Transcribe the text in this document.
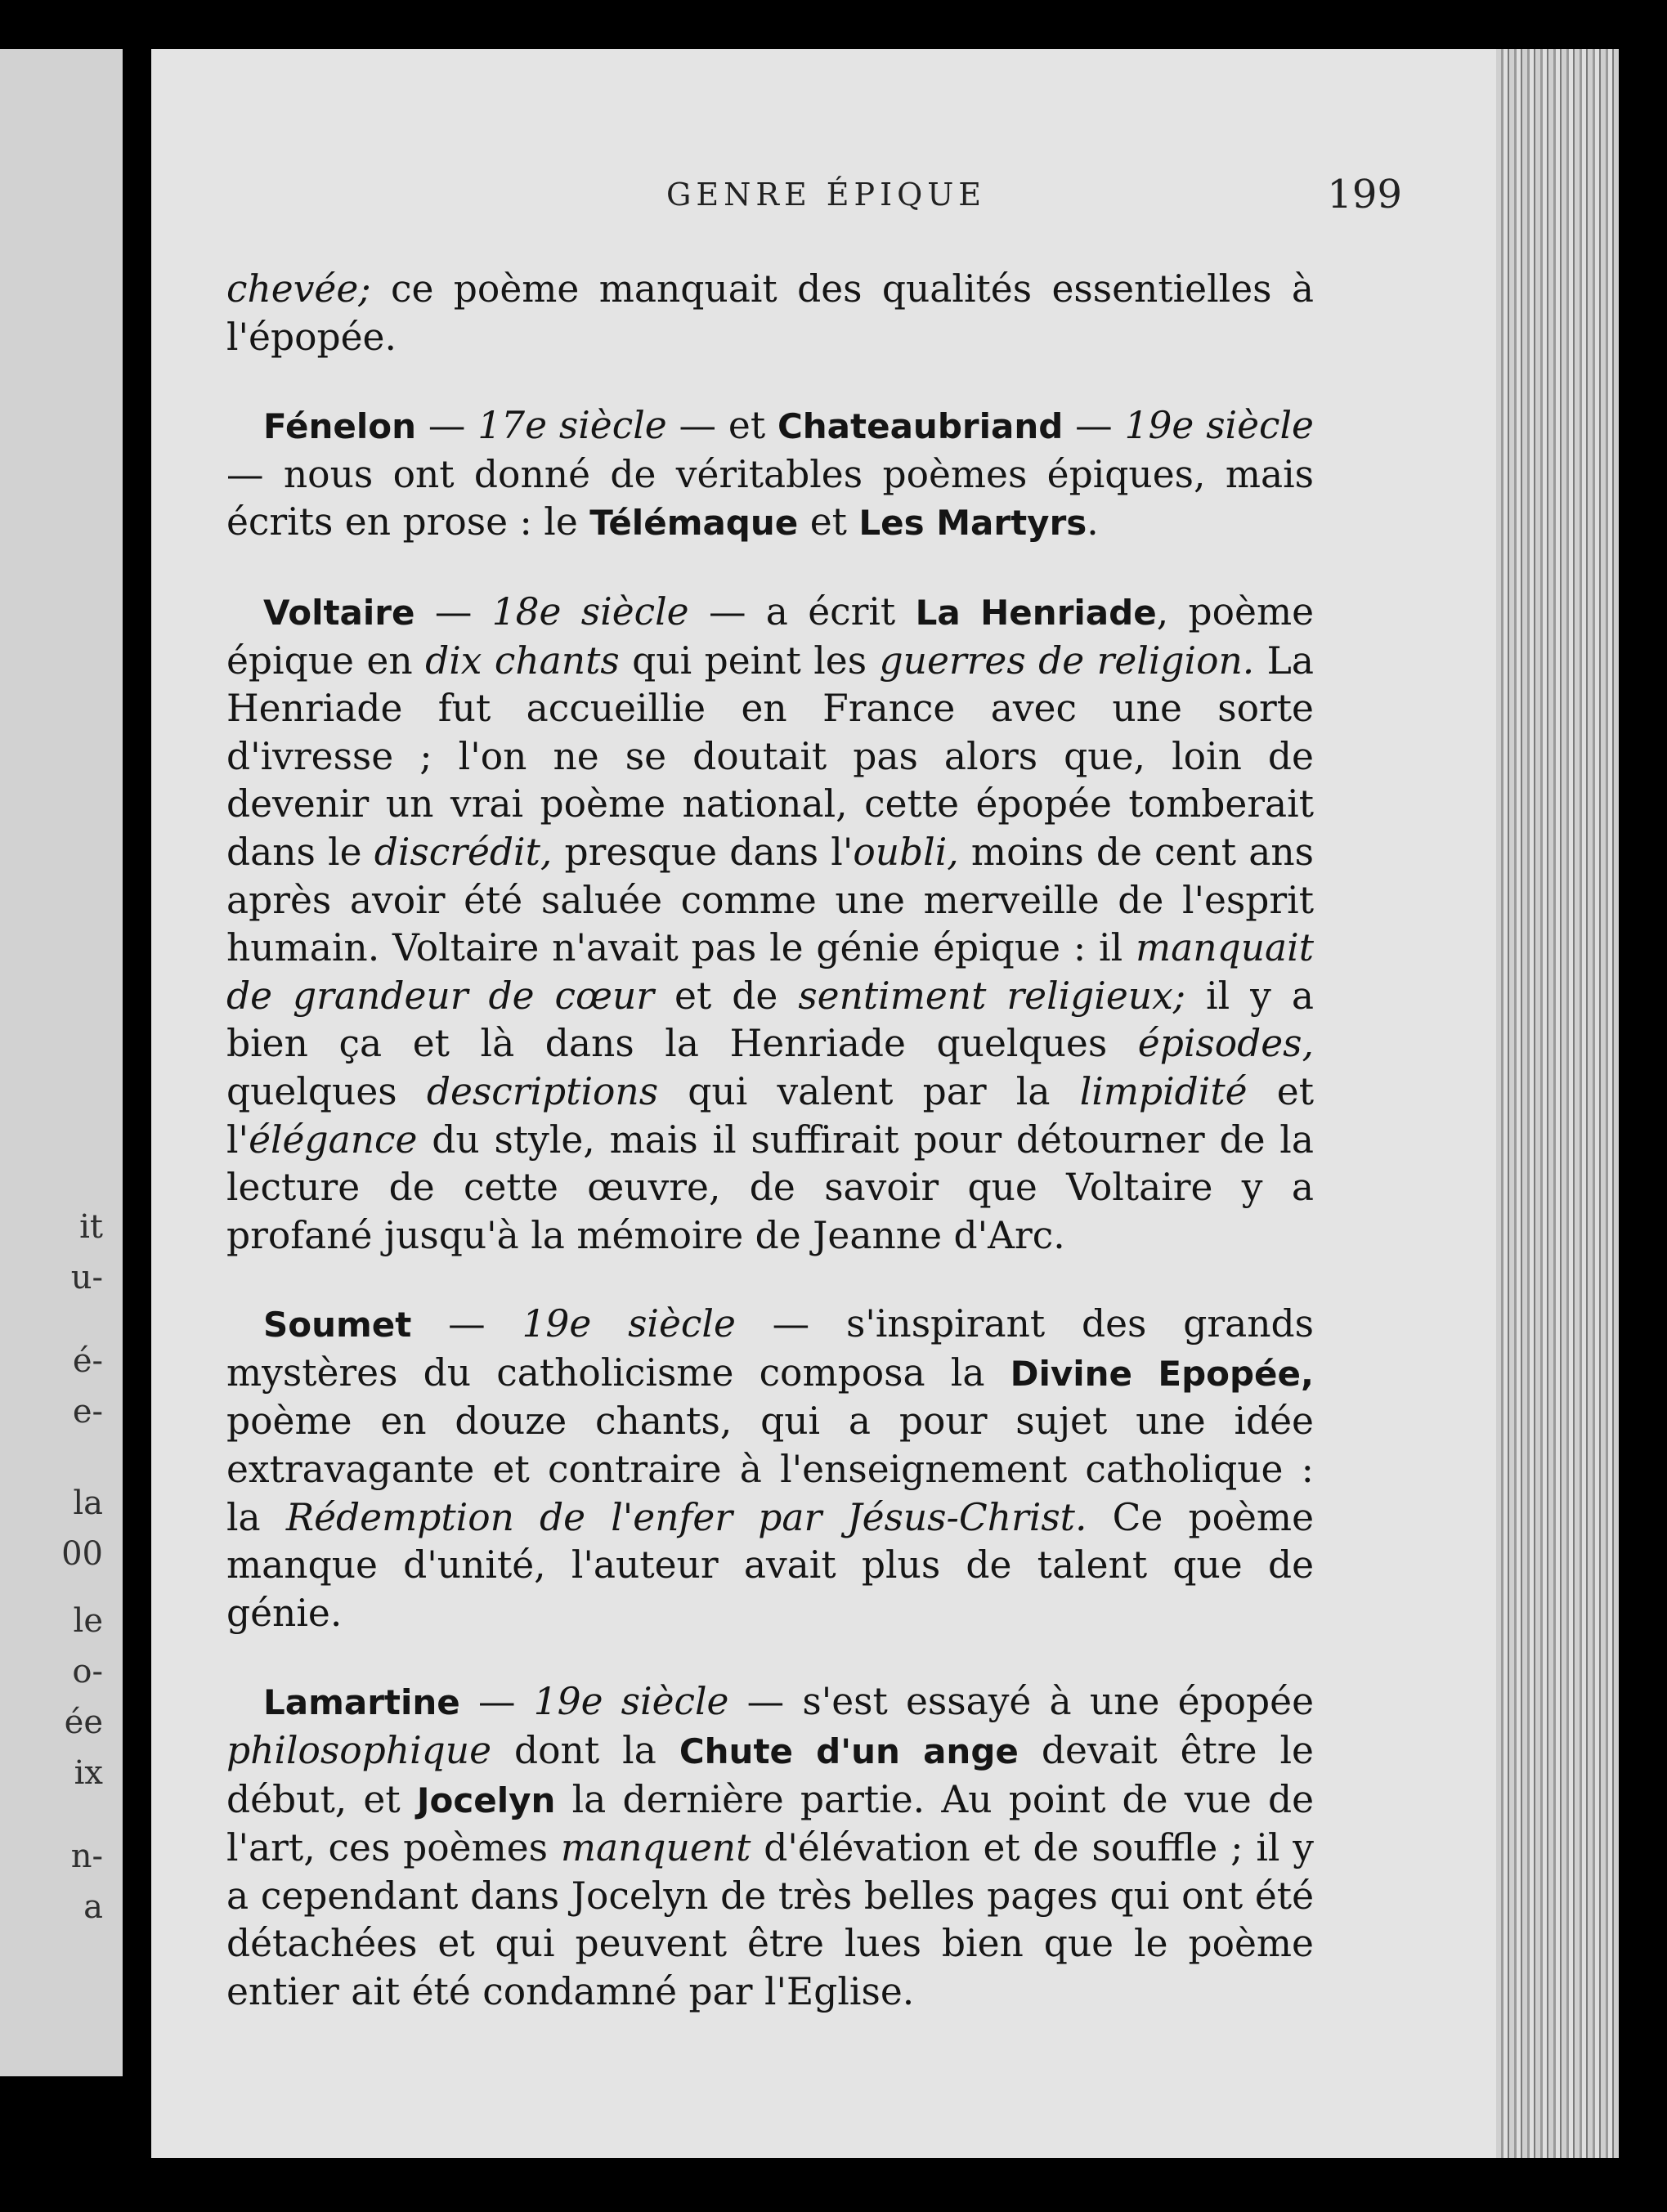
it
u-
é-
e-
la
00
le
o-
ée
ix
n-
a
GENRE ÉPIQUE	199

chevée; ce poème manquait des qualités essentielles à l'épopée.

Fénelon — 17e siècle — et Chateaubriand — 19e siècle — nous ont donné de véritables poèmes épiques, mais écrits en prose : le Télémaque et Les Martyrs.

Voltaire — 18e siècle — a écrit La Henriade, poème épique en dix chants qui peint les guerres de religion. La Henriade fut accueillie en France avec une sorte d'ivresse ; l'on ne se doutait pas alors que, loin de devenir un vrai poème national, cette épopée tomberait dans le discrédit, presque dans l'oubli, moins de cent ans après avoir été saluée comme une merveille de l'esprit humain. Voltaire n'avait pas le génie épique : il manquait de grandeur de cœur et de sentiment religieux; il y a bien ça et là dans la Henriade quelques épisodes, quelques descriptions qui valent par la limpidité et l'élégance du style, mais il suffirait pour détourner de la lecture de cette œuvre, de savoir que Voltaire y a profané jusqu'à la mémoire de Jeanne d'Arc.

Soumet — 19e siècle — s'inspirant des grands mystères du catholicisme composa la Divine Epopée, poème en douze chants, qui a pour sujet une idée extravagante et contraire à l'enseignement catholique : la Rédemption de l'enfer par Jésus-Christ. Ce poème manque d'unité, l'auteur avait plus de talent que de génie.

Lamartine — 19e siècle — s'est essayé à une épopée philosophique dont la Chute d'un ange devait être le début, et Jocelyn la dernière partie. Au point de vue de l'art, ces poèmes manquent d'élévation et de souffle ; il y a cependant dans Jocelyn de très belles pages qui ont été détachées et qui peuvent être lues bien que le poème entier ait été condamné par l'Eglise.
